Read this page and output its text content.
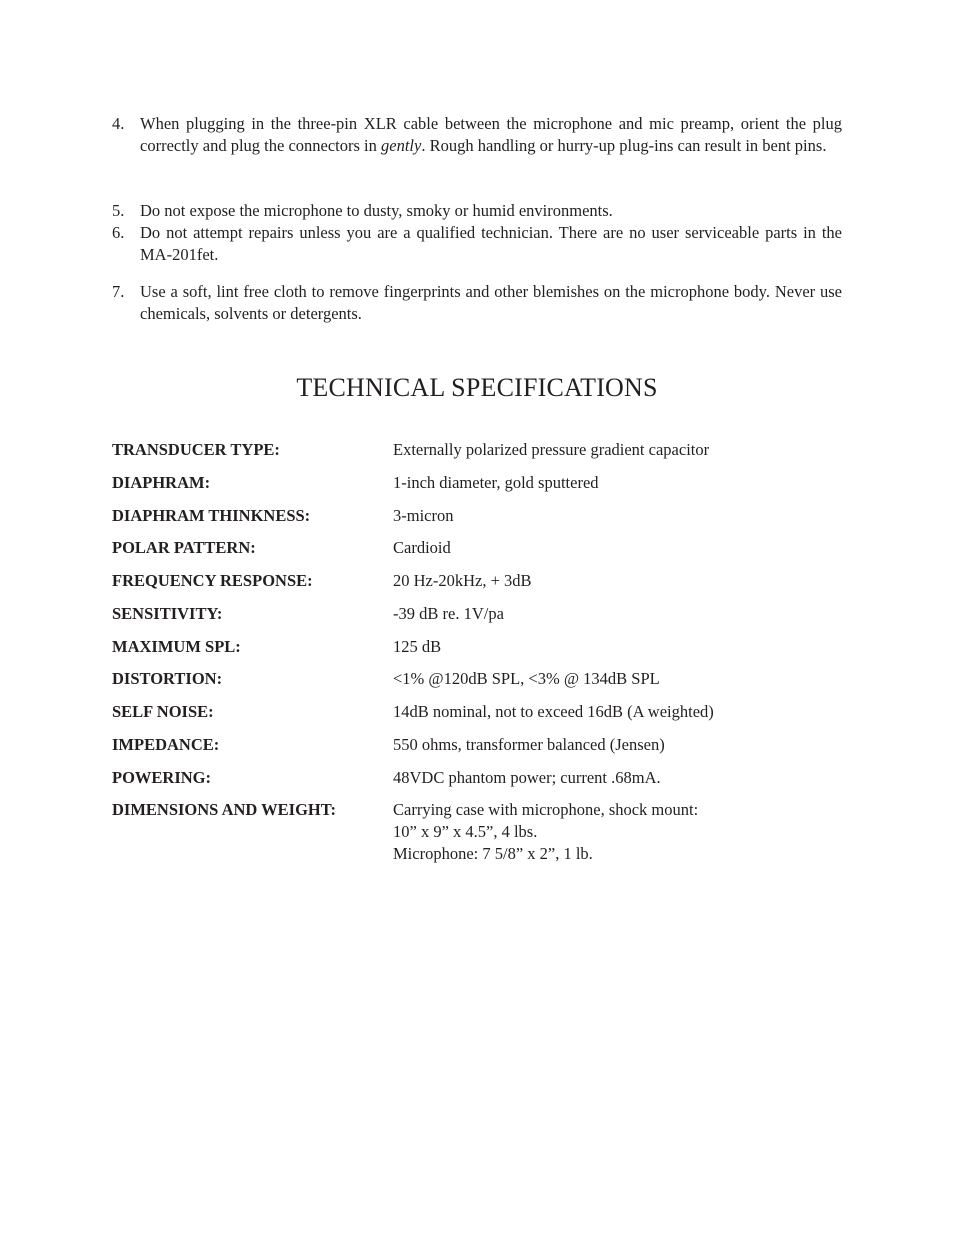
4. When plugging in the three-pin XLR cable between the microphone and mic preamp, orient the plug correctly and plug the connectors in gently. Rough handling or hurry-up plug-ins can result in bent pins.
5. Do not expose the microphone to dusty, smoky or humid environments.
6. Do not attempt repairs unless you are a qualified technician. There are no user serviceable parts in the MA-201fet.
7. Use a soft, lint free cloth to remove fingerprints and other blemishes on the microphone body. Never use chemicals, solvents or detergents.
TECHNICAL SPECIFICATIONS
TRANSDUCER TYPE:	Externally polarized pressure gradient capacitor
DIAPHRAM:	1-inch diameter, gold sputtered
DIAPHRAM THINKNESS:	3-micron
POLAR PATTERN:	Cardioid
FREQUENCY RESPONSE:	20 Hz-20kHz, + 3dB
SENSITIVITY:	-39 dB re. 1V/pa
MAXIMUM SPL:	125 dB
DISTORTION:	<1% @120dB SPL, <3% @ 134dB SPL
SELF NOISE:	14dB nominal, not to exceed 16dB (A weighted)
IMPEDANCE:	550 ohms, transformer balanced (Jensen)
POWERING:	48VDC phantom power; current .68mA.
DIMENSIONS AND WEIGHT:	Carrying case with microphone, shock mount:
10” x 9” x 4.5”, 4 lbs.
Microphone: 7 5/8” x 2”, 1 lb.
